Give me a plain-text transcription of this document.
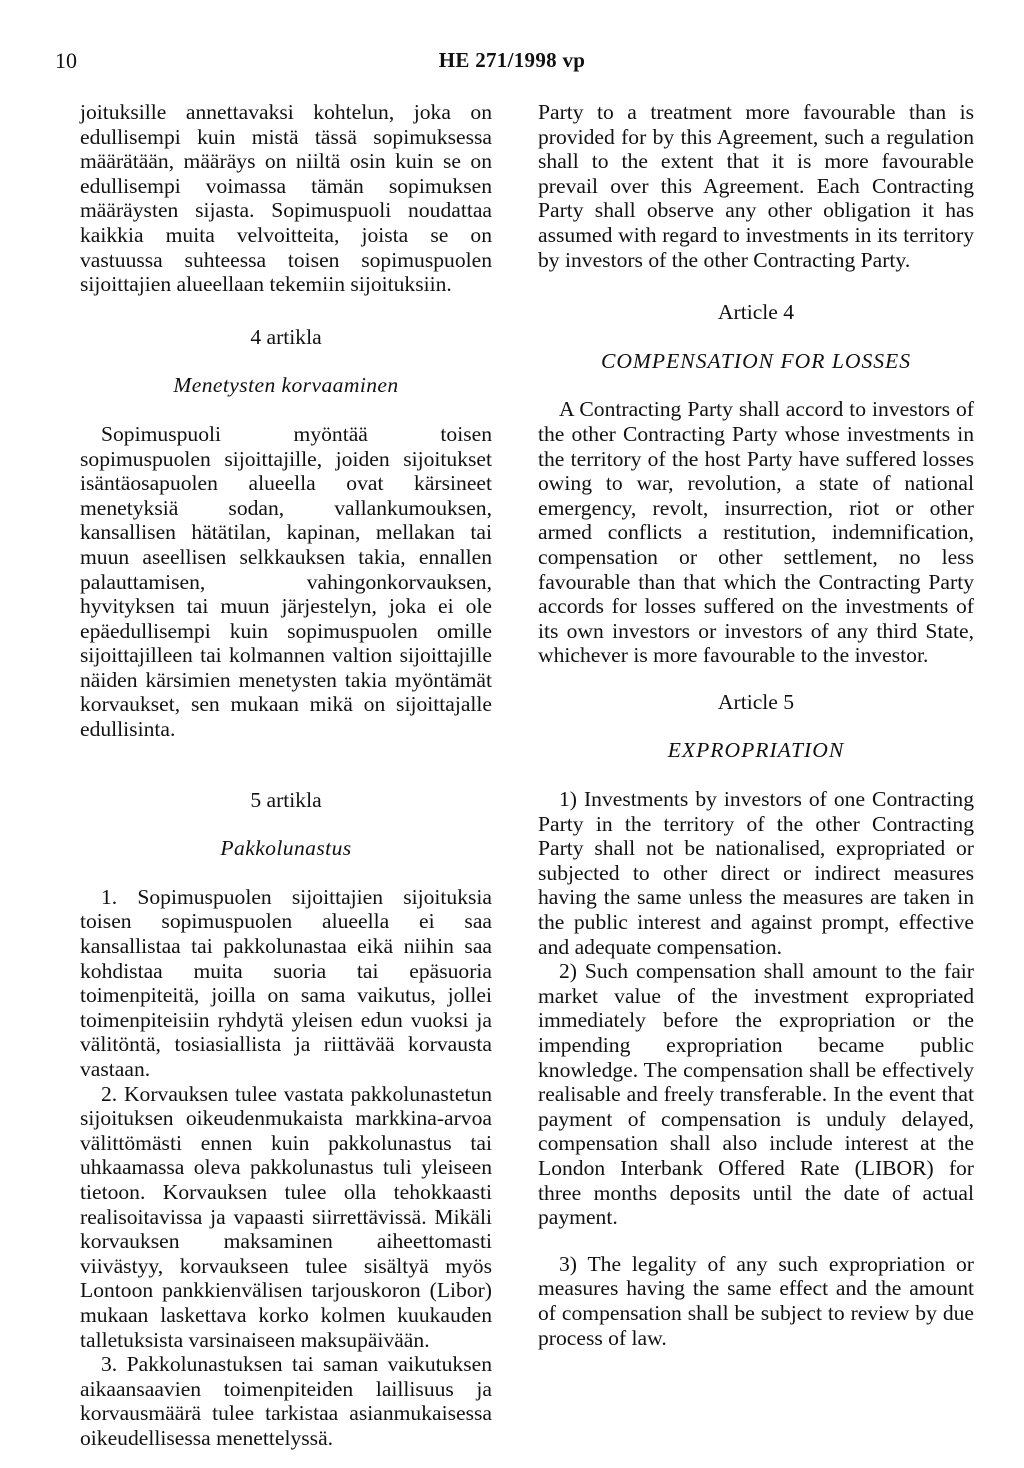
10	HE 271/1998 vp

joituksille annettavaksi kohtelun, joka on edullisempi kuin mistä tässä sopimuksessa määrätään, määräys on niiltä osin kuin se on edullisempi voimassa tämän sopimuksen määräysten sijasta. Sopimuspuoli noudattaa kaikkia muita velvoitteita, joista se on vastuussa suhteessa toisen sopimuspuolen sijoittajien alueellaan tekemiin sijoituksiin.

4 artikla

Menetysten korvaaminen

Sopimuspuoli myöntää toisen sopimuspuolen sijoittajille, joiden sijoitukset isäntäosapuolen alueella ovat kärsineet menetyksiä sodan, vallankumouksen, kansallisen hätätilan, kapinan, mellakan tai muun aseellisen selkkauksen takia, ennallen palauttamisen, vahingonkorvauksen, hyvityksen tai muun järjestelyn, joka ei ole epäedullisempi kuin sopimuspuolen omille sijoittajilleen tai kolmannen valtion sijoittajille näiden kärsimien menetysten takia myöntämät korvaukset, sen mukaan mikä on sijoittajalle edullisinta.

5 artikla

Pakkolunastus

1. Sopimuspuolen sijoittajien sijoituksia toisen sopimuspuolen alueella ei saa kansallistaa tai pakkolunastaa eikä niihin saa kohdistaa muita suoria tai epäsuoria toimenpiteitä, joilla on sama vaikutus, jollei toimenpiteisiin ryhdytä yleisen edun vuoksi ja välitöntä, tosiasiallista ja riittävää korvausta vastaan.

2. Korvauksen tulee vastata pakkolunastetun sijoituksen oikeudenmukaista markkina-arvoa välittömästi ennen kuin pakkolunastus tai uhkaamassa oleva pakkolunastus tuli yleiseen tietoon. Korvauksen tulee olla tehokkaasti realisoitavissa ja vapaasti siirrettävissä. Mikäli korvauksen maksaminen aiheettomasti viivästyy, korvaukseen tulee sisältyä myös Lontoon pankkienvälisen tarjouskoron (Libor) mukaan laskettava korko kolmen kuukauden talletuksista varsinaiseen maksupäivään.

3. Pakkolunastuksen tai saman vaikutuksen aikaansaavien toimenpiteiden laillisuus ja korvausmäärä tulee tarkistaa asianmukaisessa oikeudellisessa menettelyssä.

Party to a treatment more favourable than is provided for by this Agreement, such a regulation shall to the extent that it is more favourable prevail over this Agreement. Each Contracting Party shall observe any other obligation it has assumed with regard to investments in its territory by investors of the other Contracting Party.

Article 4

COMPENSATION FOR LOSSES

A Contracting Party shall accord to investors of the other Contracting Party whose investments in the territory of the host Party have suffered losses owing to war, revolution, a state of national emergency, revolt, insurrection, riot or other armed conflicts a restitution, indemnification, compensation or other settlement, no less favourable than that which the Contracting Party accords for losses suffered on the investments of its own investors or investors of any third State, whichever is more favourable to the investor.

Article 5

EXPROPRIATION

1) Investments by investors of one Contracting Party in the territory of the other Contracting Party shall not be nationalised, expropriated or subjected to other direct or indirect measures having the same unless the measures are taken in the public interest and against prompt, effective and adequate compensation.

2) Such compensation shall amount to the fair market value of the investment expropriated immediately before the expropriation or the impending expropriation became public knowledge. The compensation shall be effectively realisable and freely transferable. In the event that payment of compensation is unduly delayed, compensation shall also include interest at the London Interbank Offered Rate (LIBOR) for three months deposits until the date of actual payment.

3) The legality of any such expropriation or measures having the same effect and the amount of compensation shall be subject to review by due process of law.
